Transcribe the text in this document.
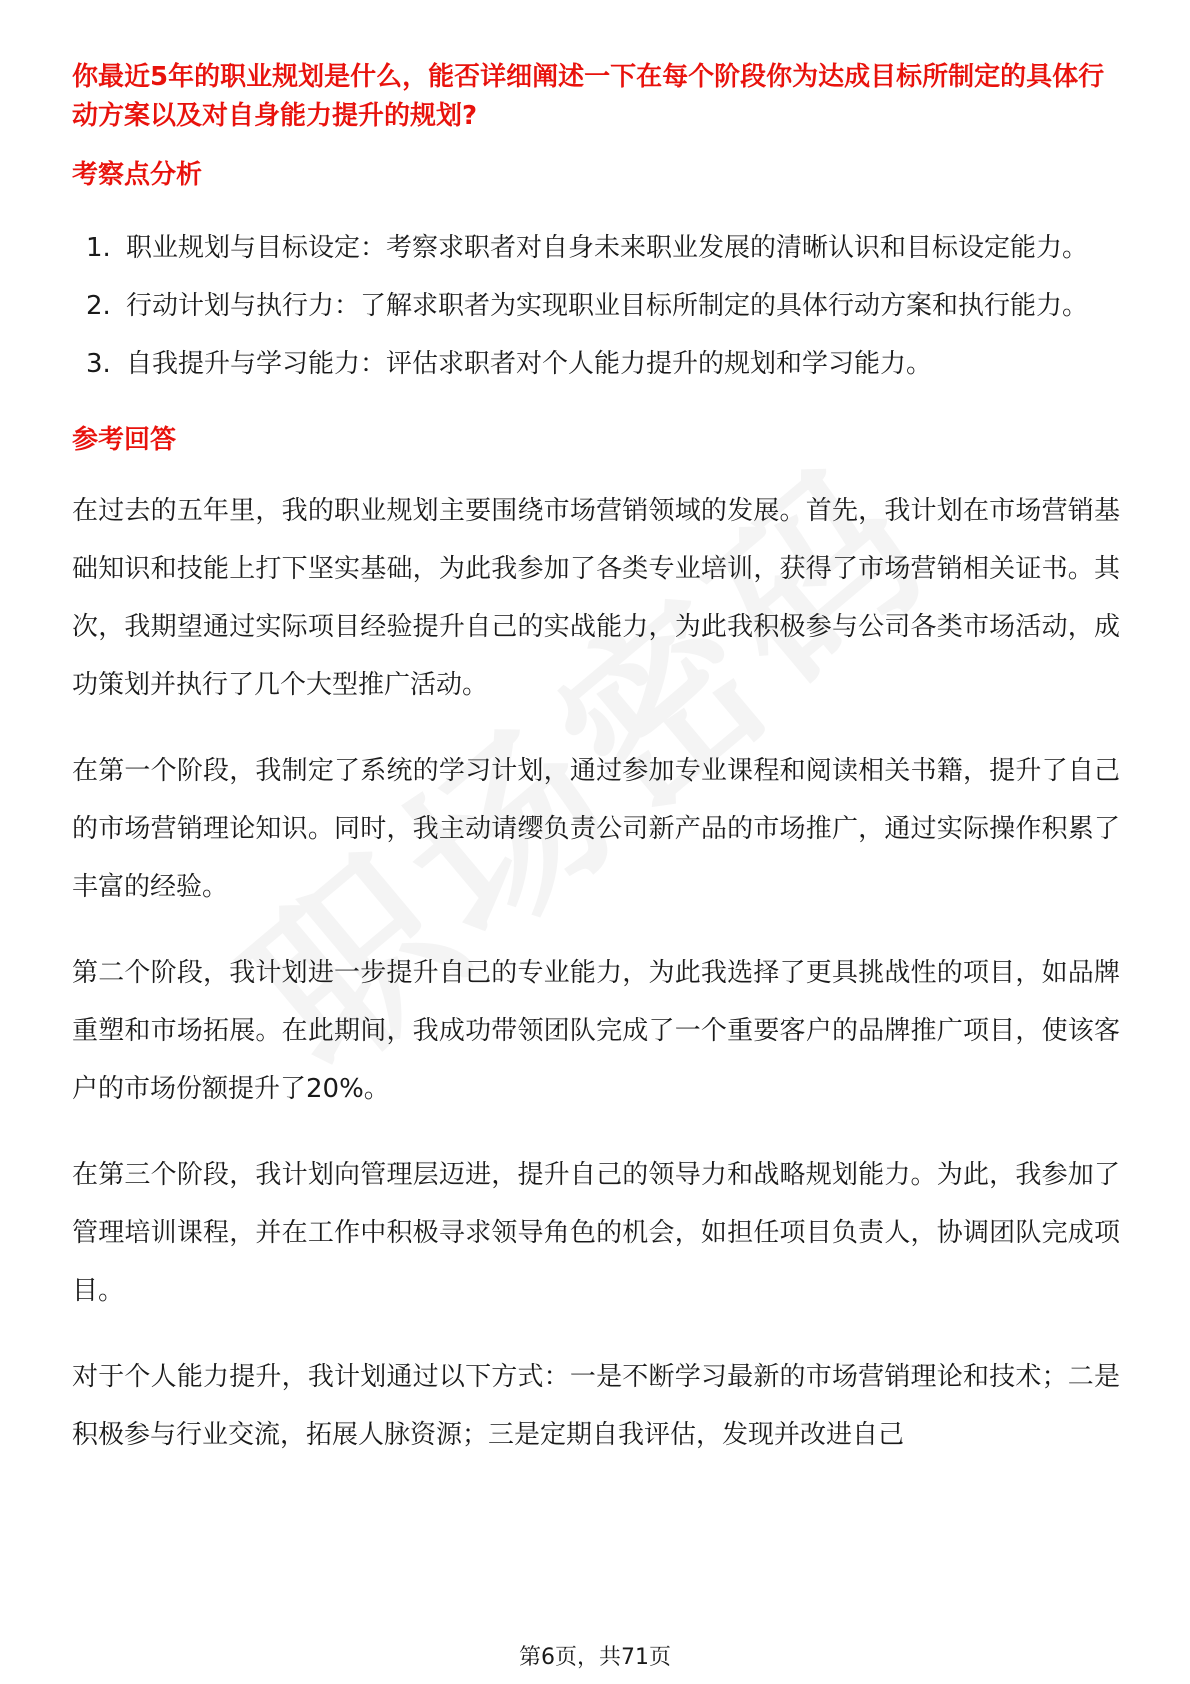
你最近5年的职业规划是什么，能否详细阐述一下在每个阶段你为达成目标所制定的具体行动方案以及对自身能力提升的规划?

考察点分析

1. 职业规划与目标设定：考察求职者对自身未来职业发展的清晰认识和目标设定能力。
2. 行动计划与执行力：了解求职者为实现职业目标所制定的具体行动方案和执行能力。
3. 自我提升与学习能力：评估求职者对个人能力提升的规划和学习能力。

参考回答

在过去的五年里，我的职业规划主要围绕市场营销领域的发展。首先，我计划在市场营销基础知识和技能上打下坚实基础，为此我参加了各类专业培训，获得了市场营销相关证书。其次，我期望通过实际项目经验提升自己的实战能力，为此我积极参与公司各类市场活动，成功策划并执行了几个大型推广活动。

在第一个阶段，我制定了系统的学习计划，通过参加专业课程和阅读相关书籍，提升了自己的市场营销理论知识。同时，我主动请缨负责公司新产品的市场推广，通过实际操作积累了丰富的经验。

第二个阶段，我计划进一步提升自己的专业能力，为此我选择了更具挑战性的项目，如品牌重塑和市场拓展。在此期间，我成功带领团队完成了一个重要客户的品牌推广项目，使该客户的市场份额提升了20%。

在第三个阶段，我计划向管理层迈进，提升自己的领导力和战略规划能力。为此，我参加了管理培训课程，并在工作中积极寻求领导角色的机会，如担任项目负责人，协调团队完成项目。

对于个人能力提升，我计划通过以下方式：一是不断学习最新的市场营销理论和技术；二是积极参与行业交流，拓展人脉资源；三是定期自我评估，发现并改进自己

第6页，共71页
